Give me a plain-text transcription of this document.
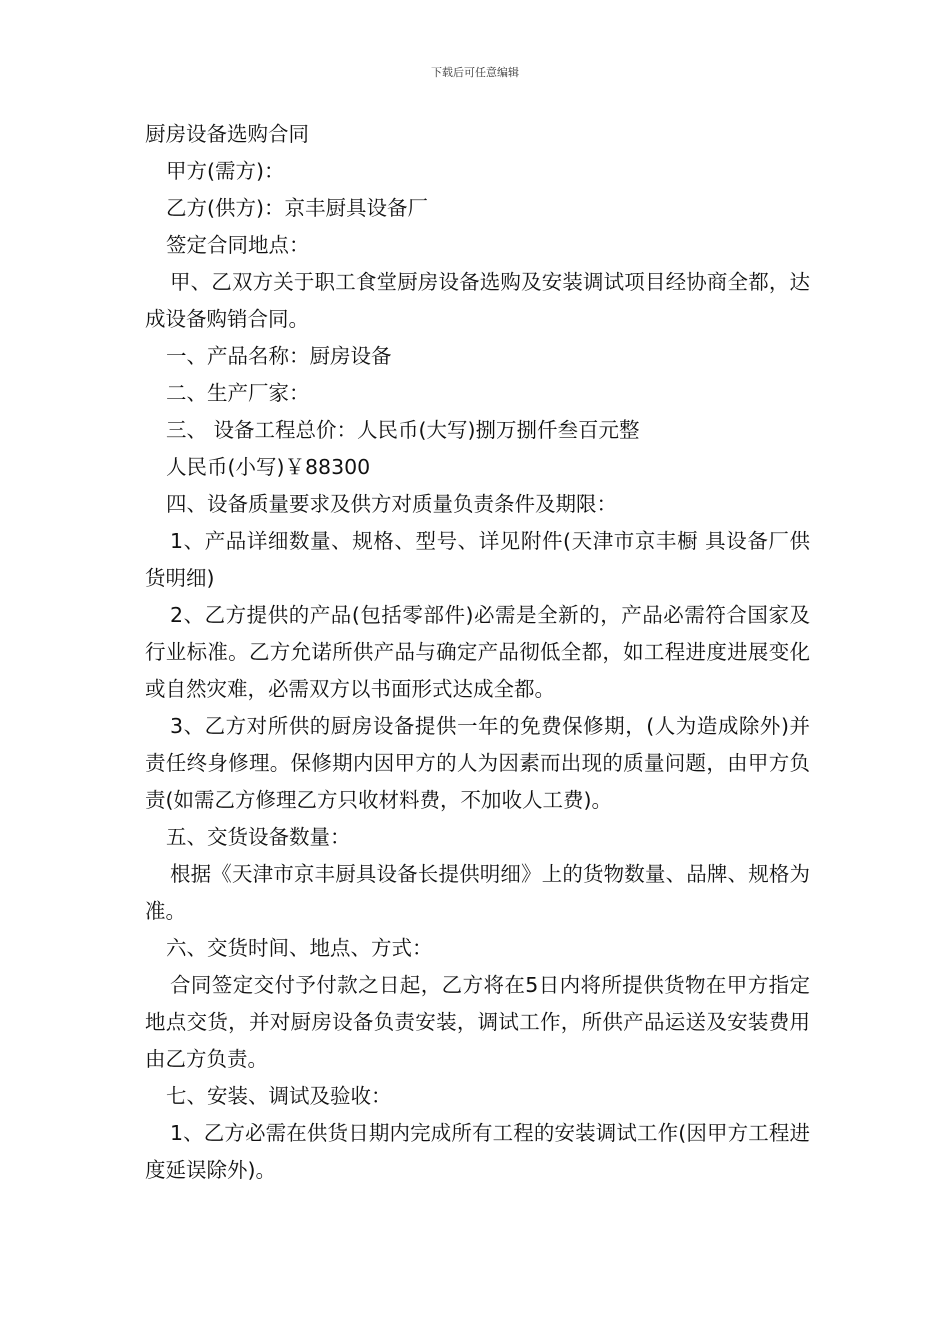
下载后可任意编辑

厨房设备选购合同

甲方(需方)：

乙方(供方)：京丰厨具设备厂

签定合同地点：

甲、乙双方关于职工食堂厨房设备选购及安装调试项目经协商全都，达成设备购销合同。

一、产品名称：厨房设备

二、生产厂家：

三、 设备工程总价：人民币(大写)捌万捌仟叁百元整

人民币(小写)￥88300

四、设备质量要求及供方对质量负责条件及期限：

1、产品详细数量、规格、型号、详见附件(天津市京丰橱 具设备厂供货明细)

2、乙方提供的产品(包括零部件)必需是全新的，产品必需符合国家及行业标准。乙方允诺所供产品与确定产品彻低全都，如工程进度进展变化或自然灾难，必需双方以书面形式达成全都。

3、乙方对所供的厨房设备提供一年的免费保修期，(人为造成除外)并责任终身修理。保修期内因甲方的人为因素而出现的质量问题，由甲方负责(如需乙方修理乙方只收材料费，不加收人工费)。

五、交货设备数量：

根据《天津市京丰厨具设备长提供明细》上的货物数量、品牌、规格为准。

六、交货时间、地点、方式：

合同签定交付予付款之日起，乙方将在5日内将所提供货物在甲方指定地点交货，并对厨房设备负责安装，调试工作，所供产品运送及安装费用由乙方负责。

七、安装、调试及验收：

1、乙方必需在供货日期内完成所有工程的安装调试工作(因甲方工程进度延误除外)。
